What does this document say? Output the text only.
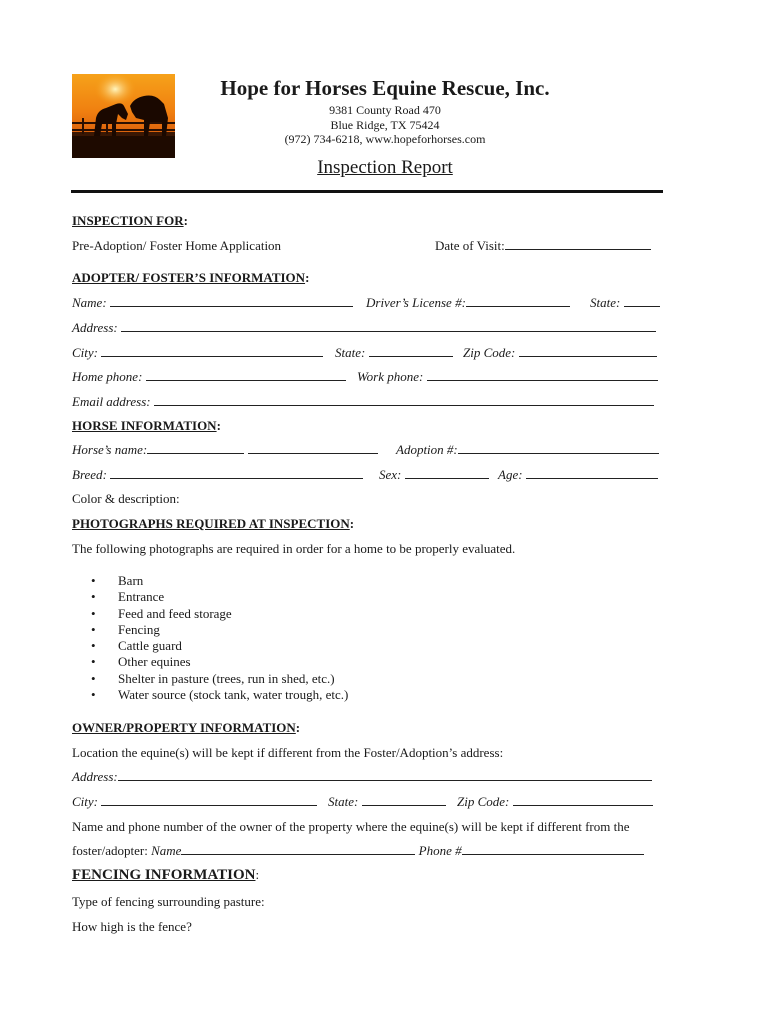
Hope for Horses Equine Rescue, Inc.
9381 County Road 470
Blue Ridge, TX 75424
(972) 734-6218, www.hopeforhorses.com
Inspection Report
INSPECTION FOR:
Pre-Adoption/ Foster Home Application	Date of Visit:
ADOPTER/ FOSTER’S INFORMATION:
Name:	Driver’s License #:	State:
Address:
City:	State:	Zip Code:
Home phone:	Work phone:
Email address:
HORSE INFORMATION:
Horse’s name:	Adoption #:
Breed:	Sex:	Age:
Color & description:
PHOTOGRAPHS REQUIRED AT INSPECTION:
The following photographs are required in order for a home to be properly evaluated.
• Barn
• Entrance
• Feed and feed storage
• Fencing
• Cattle guard
• Other equines
• Shelter in pasture (trees, run in shed, etc.)
• Water source (stock tank, water trough, etc.)
OWNER/PROPERTY INFORMATION:
Location the equine(s) will be kept if different from the Foster/Adoption’s address:
Address:
City:	State:	Zip Code:
Name and phone number of the owner of the property where the equine(s) will be kept if different from the
foster/adopter: Name	Phone #
FENCING INFORMATION:
Type of fencing surrounding pasture:
How high is the fence?
